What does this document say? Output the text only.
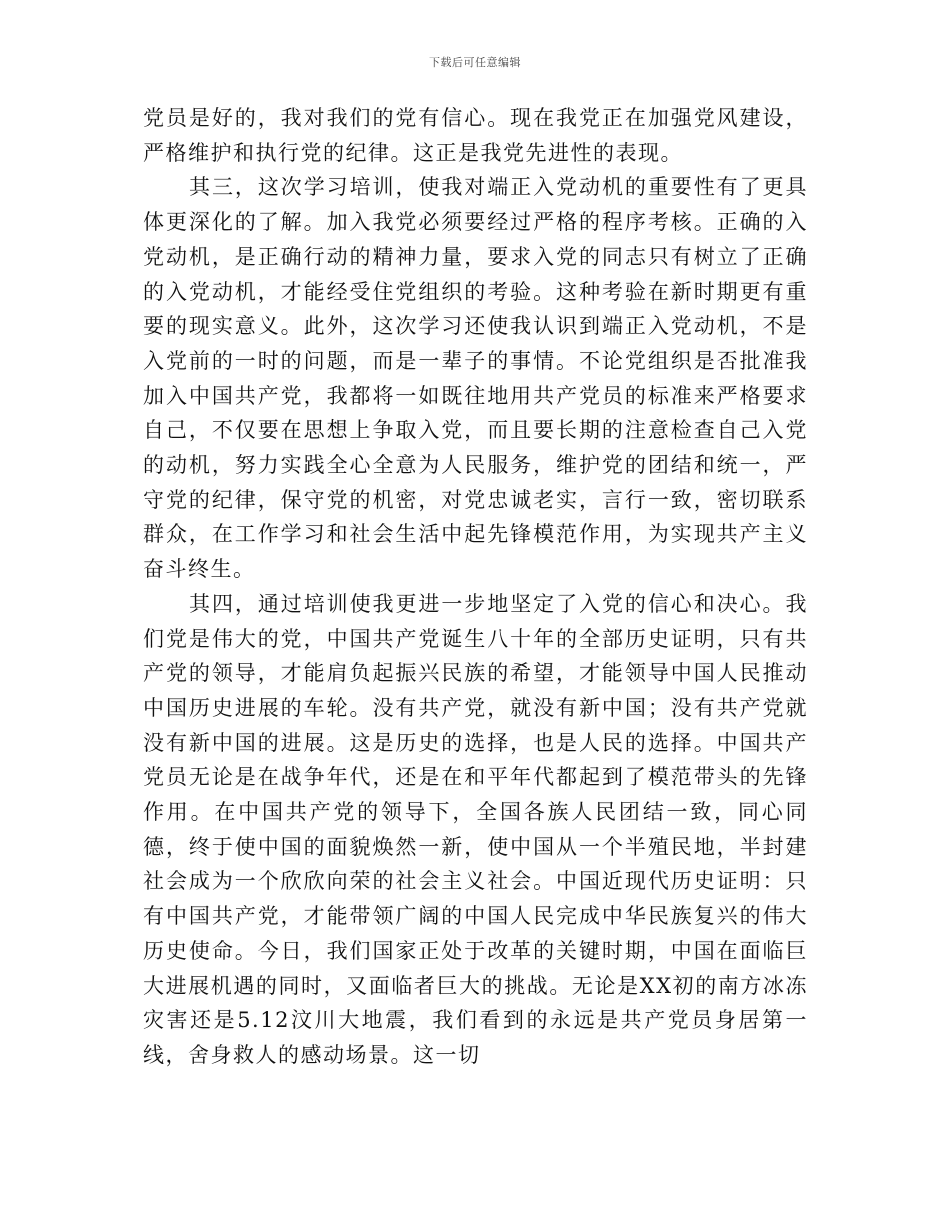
下载后可任意编辑

党员是好的，我对我们的党有信心。现在我党正在加强党风建设，严格维护和执行党的纪律。这正是我党先进性的表现。

其三，这次学习培训，使我对端正入党动机的重要性有了更具体更深化的了解。加入我党必须要经过严格的程序考核。正确的入党动机，是正确行动的精神力量，要求入党的同志只有树立了正确的入党动机，才能经受住党组织的考验。这种考验在新时期更有重要的现实意义。此外，这次学习还使我认识到端正入党动机，不是入党前的一时的问题，而是一辈子的事情。不论党组织是否批准我加入中国共产党，我都将一如既往地用共产党员的标准来严格要求自己，不仅要在思想上争取入党，而且要长期的注意检查自己入党的动机，努力实践全心全意为人民服务，维护党的团结和统一，严守党的纪律，保守党的机密，对党忠诚老实，言行一致，密切联系群众，在工作学习和社会生活中起先锋模范作用，为实现共产主义奋斗终生。

其四，通过培训使我更进一步地坚定了入党的信心和决心。我们党是伟大的党，中国共产党诞生八十年的全部历史证明，只有共产党的领导，才能肩负起振兴民族的希望，才能领导中国人民推动中国历史进展的车轮。没有共产党，就没有新中国；没有共产党就没有新中国的进展。这是历史的选择，也是人民的选择。中国共产党员无论是在战争年代，还是在和平年代都起到了模范带头的先锋作用。在中国共产党的领导下，全国各族人民团结一致，同心同德，终于使中国的面貌焕然一新，使中国从一个半殖民地，半封建社会成为一个欣欣向荣的社会主义社会。中国近现代历史证明：只有中国共产党，才能带领广阔的中国人民完成中华民族复兴的伟大历史使命。今日，我们国家正处于改革的关键时期，中国在面临巨大进展机遇的同时，又面临者巨大的挑战。无论是XX初的南方冰冻灾害还是5.12汶川大地震，我们看到的永远是共产党员身居第一线，舍身救人的感动场景。这一切
